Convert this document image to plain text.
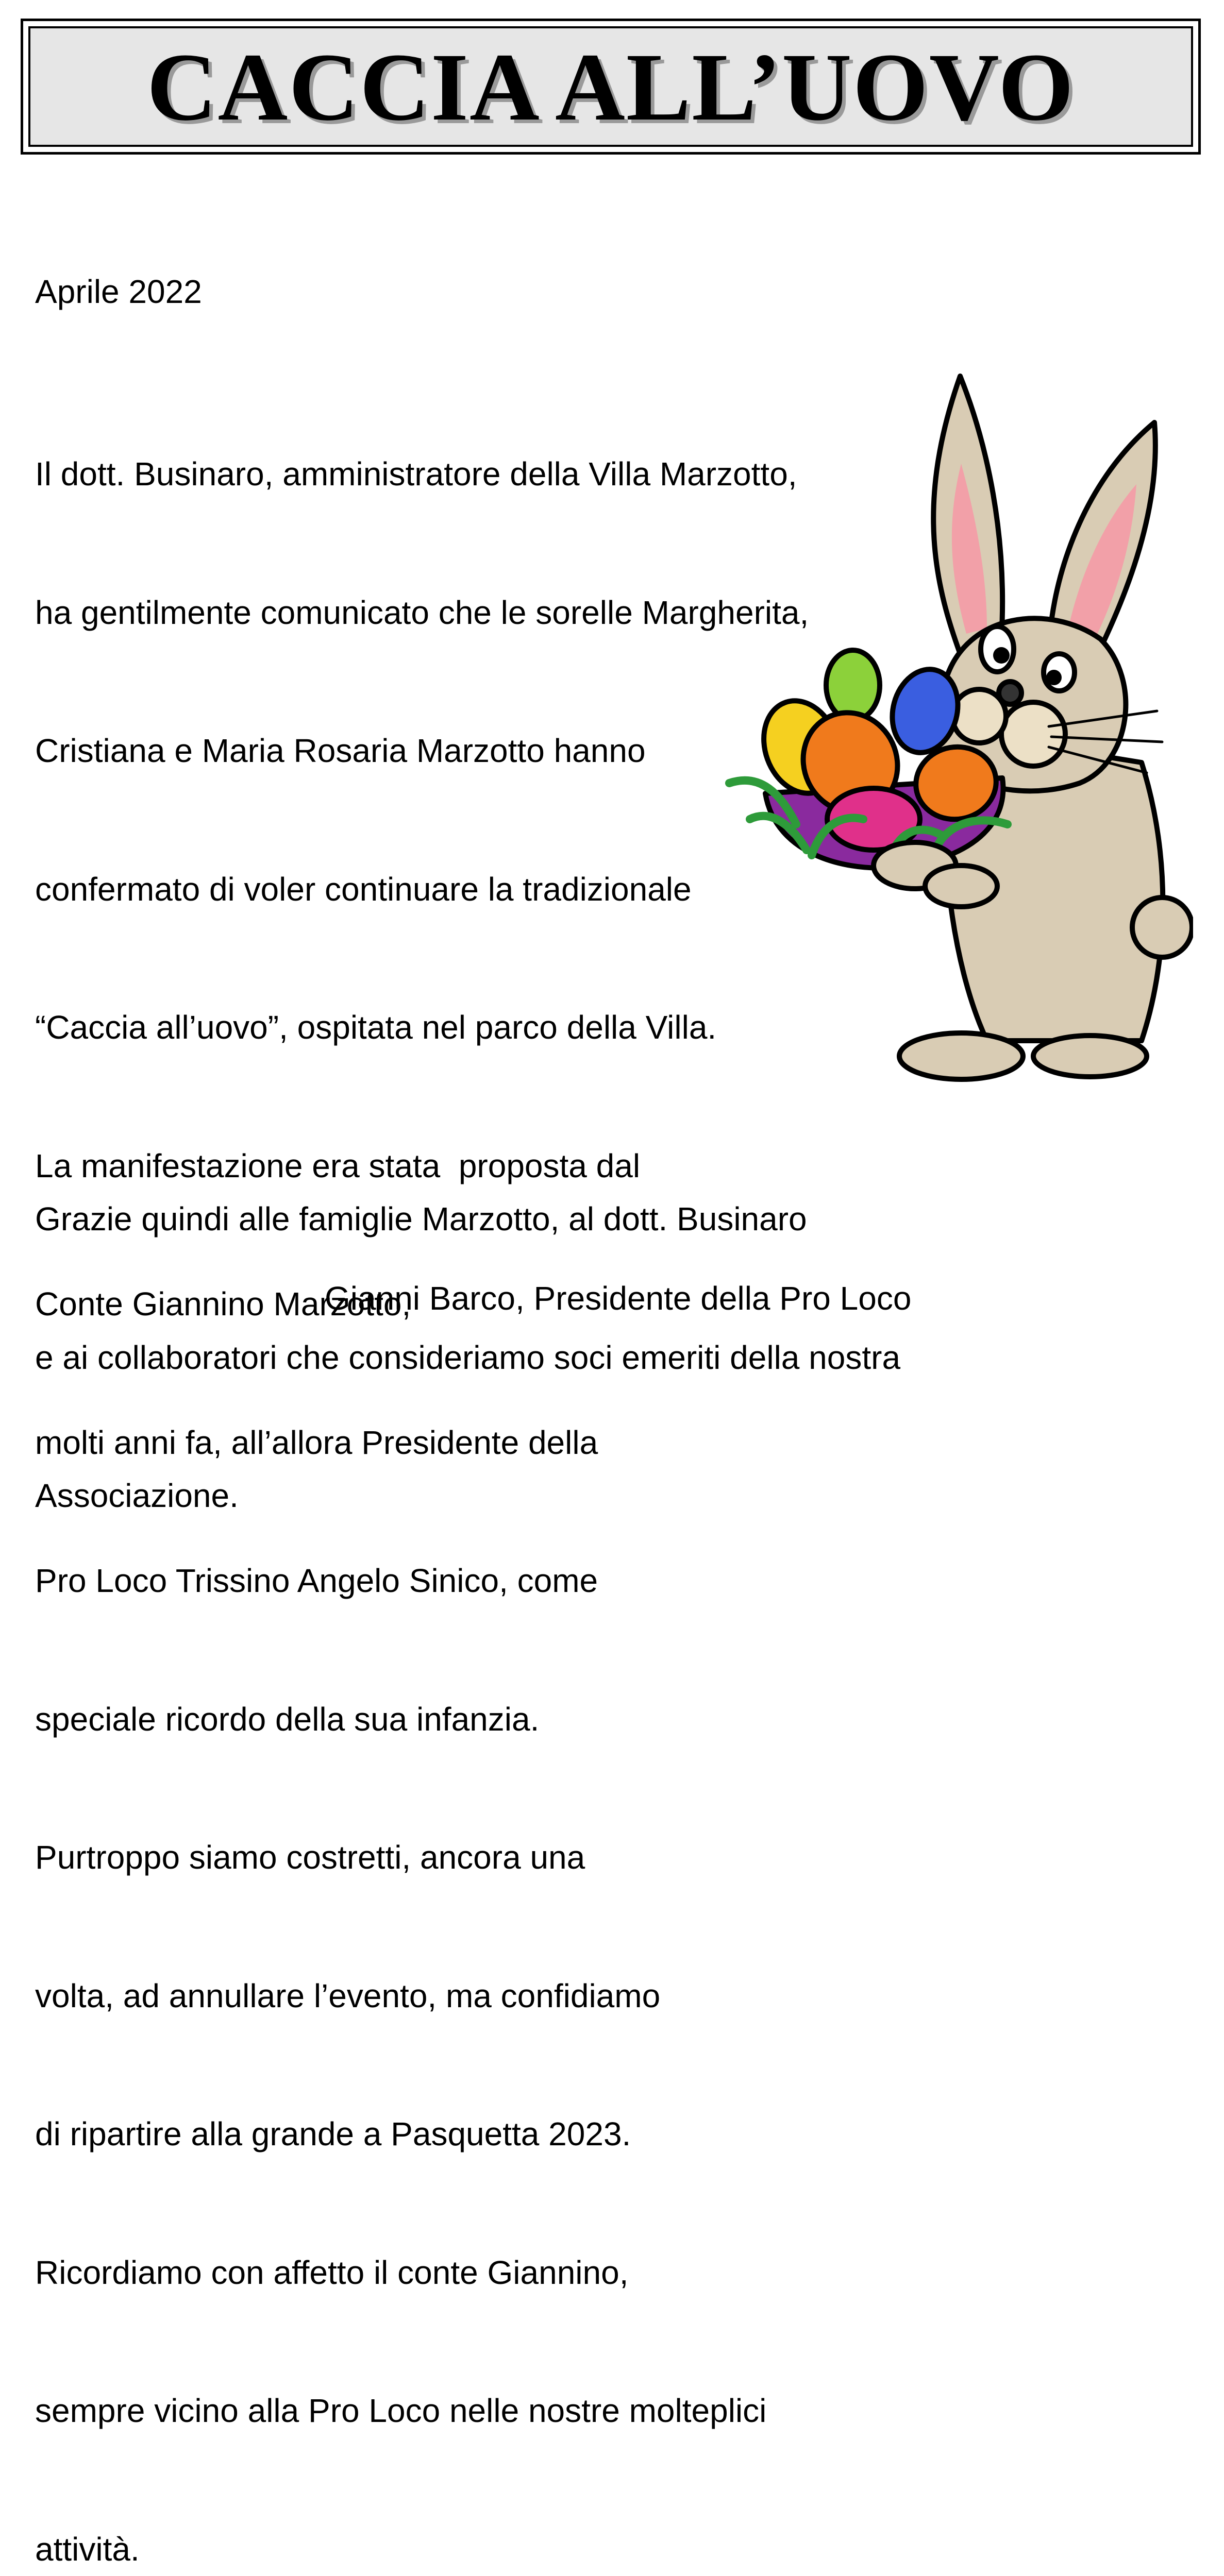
CACCIA ALL’UOVO
Aprile 2022

Il dott. Businaro, amministratore della Villa Marzotto,

ha gentilmente comunicato che le sorelle Margherita,

Cristiana e Maria Rosaria Marzotto hanno

confermato di voler continuare la tradizionale

“Caccia all’uovo”, ospitata nel parco della Villa.

La manifestazione era stata  proposta dal

Conte Giannino Marzotto,

molti anni fa, all’allora Presidente della

Pro Loco Trissino Angelo Sinico, come

speciale ricordo della sua infanzia.

Purtroppo siamo costretti, ancora una

volta, ad annullare l’evento, ma confidiamo

di ripartire alla grande a Pasquetta 2023.

Ricordiamo con affetto il conte Giannino,

sempre vicino alla Pro Loco nelle nostre molteplici

attività.

Grazie quindi alle famiglie Marzotto, al dott. Businaro

e ai collaboratori che consideriamo soci emeriti della nostra

Associazione.

Gianni Barco, Presidente della Pro Loco
